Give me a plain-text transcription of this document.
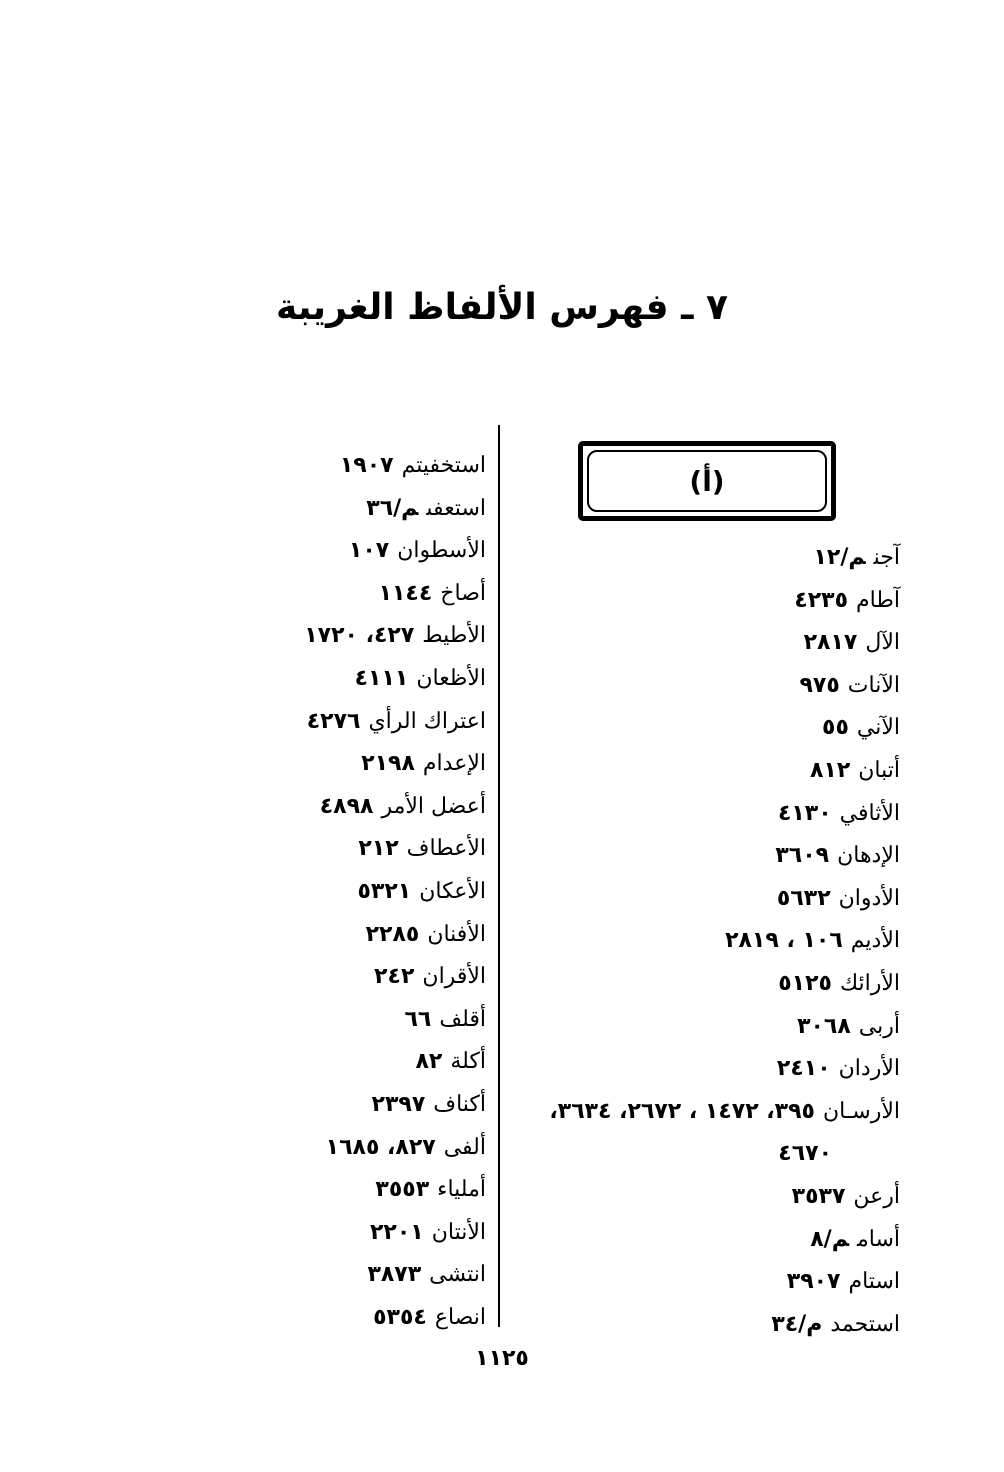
٧ ـ فهرس الألفاظ الغريبة
(أ)
آجنم/١٢
آطام٤٢٣٥
الآل٢٨١٧
الآنات٩٧٥
الآني٥٥
أتبان٨١٢
الأثافي٤١٣٠
الإدهان٣٦٠٩
الأدوان٥٦٣٢
الأديم١٠٦ ، ٢٨١٩
الأرائك٥١٢٥
أربى٣٠٦٨
الأردان٢٤١٠
الأرسـان٣٩٥، ١٤٧٢ ، ٢٦٧٢، ٣٦٣٤،
٤٦٧٠
أرعن٣٥٣٧
أسامم/٨
استام٣٩٠٧
استحمدم/٣٤
استخفيتم١٩٠٧
استعفىم/٣٦
الأسطوان١٠٧
أصاخ١١٤٤
الأطيط٤٢٧، ١٧٢٠
الأظعان٤١١١
اعتراك الرأي٤٢٧٦
الإعدام٢١٩٨
أعضل الأمر٤٨٩٨
الأعطاف٢١٢
الأعكان٥٣٢١
الأفنان٢٢٨٥
الأقران٢٤٢
أقلف٦٦
أكلة٨٢
أكناف٢٣٩٧
ألفى٨٢٧، ١٦٨٥
أملياء٣٥٥٣
الأنتان٢٢٠١
انتشى٣٨٧٣
انصاع٥٣٥٤
١١٢٥
